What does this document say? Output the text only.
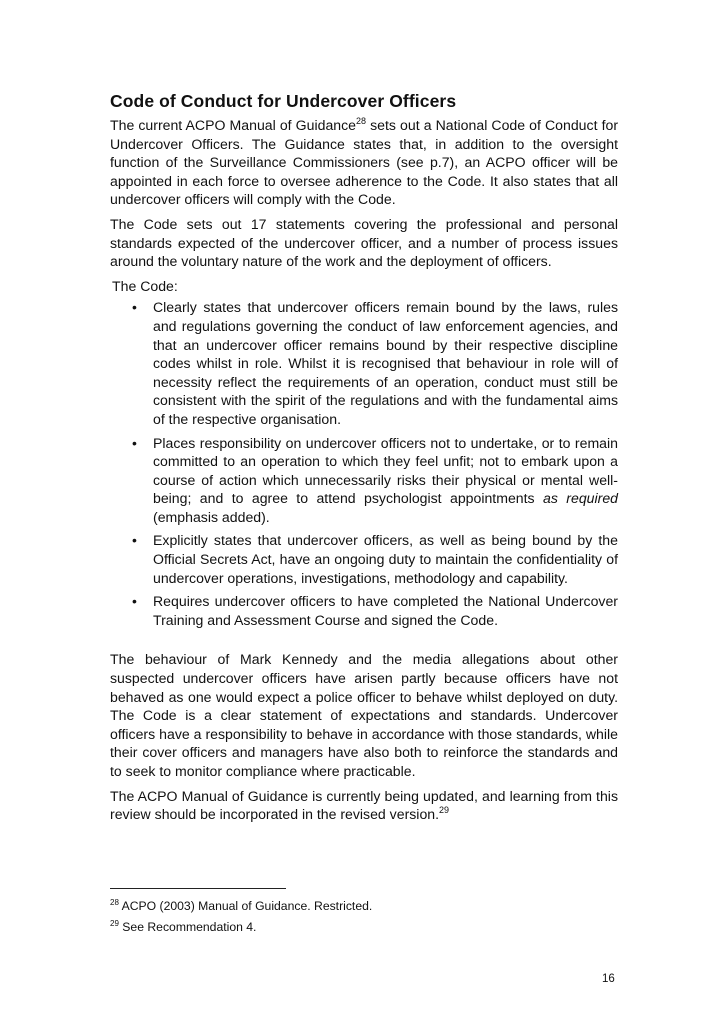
Code of Conduct for Undercover Officers

The current ACPO Manual of Guidance$^{28}$ sets out a National Code of Conduct for Undercover Officers. The Guidance states that, in addition to the oversight function of the Surveillance Commissioners (see p.7), an ACPO officer will be appointed in each force to oversee adherence to the Code. It also states that all undercover officers will comply with the Code.

The Code sets out 17 statements covering the professional and personal standards expected of the undercover officer, and a number of process issues around the voluntary nature of the work and the deployment of officers.

The Code:
• Clearly states that undercover officers remain bound by the laws, rules and regulations governing the conduct of law enforcement agencies, and that an undercover officer remains bound by their respective discipline codes whilst in role. Whilst it is recognised that behaviour in role will of necessity reflect the requirements of an operation, conduct must still be consistent with the spirit of the regulations and with the fundamental aims of the respective organisation.
• Places responsibility on undercover officers not to undertake, or to remain committed to an operation to which they feel unfit; not to embark upon a course of action which unnecessarily risks their physical or mental well-being; and to agree to attend psychologist appointments as required (emphasis added).
• Explicitly states that undercover officers, as well as being bound by the Official Secrets Act, have an ongoing duty to maintain the confidentiality of undercover operations, investigations, methodology and capability.
• Requires undercover officers to have completed the National Undercover Training and Assessment Course and signed the Code.

The behaviour of Mark Kennedy and the media allegations about other suspected undercover officers have arisen partly because officers have not behaved as one would expect a police officer to behave whilst deployed on duty. The Code is a clear statement of expectations and standards. Undercover officers have a responsibility to behave in accordance with those standards, while their cover officers and managers have also both to reinforce the standards and to seek to monitor compliance where practicable.

The ACPO Manual of Guidance is currently being updated, and learning from this review should be incorporated in the revised version.$^{29}$

$^{28}$ ACPO (2003) Manual of Guidance. Restricted.

$^{29}$ See Recommendation 4.

16
